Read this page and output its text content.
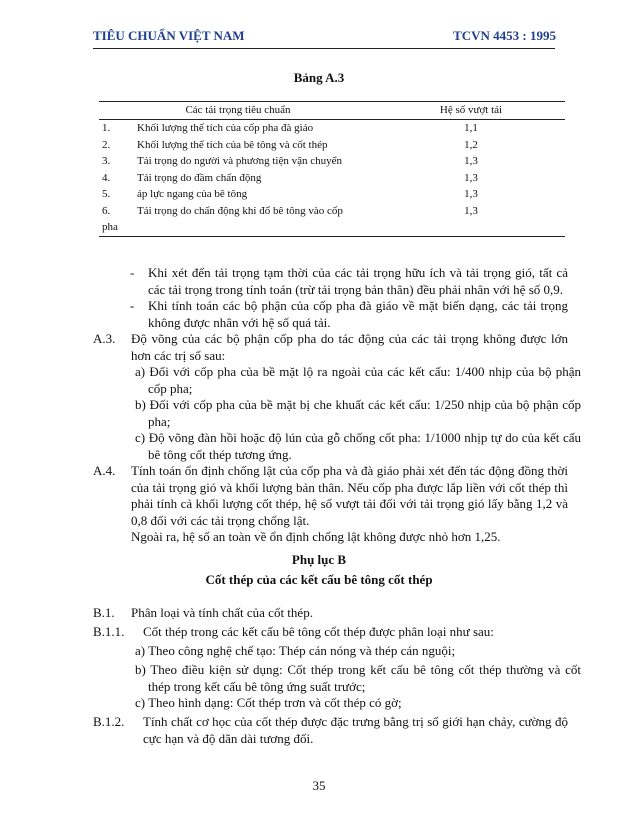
TIÊU CHUẨN VIỆT NAM	TCVN 4453 : 1995
Bảng A.3
Các tải trọng tiêu chuẩn		Hệ số vượt tải
1.	Khối lượng thể tích của cốp pha đà giáo	1,1
2.	Khối lượng thể tích của bê tông và cốt thép	1,2
3.	Tải trọng do người và phương tiện vận chuyển	1,3
4.	Tải trọng do đầm chấn động	1,3
5.	áp lực ngang của bê tông	1,3
6.	Tải trọng do chấn động khi đổ bê tông vào cốp	1,3
pha		
- Khi xét đến tải trọng tạm thời của các tải trọng hữu ích và tải trọng gió, tất cả các tải trọng trong tính toán (trừ tải trọng bản thân) đều phải nhân với hệ số 0,9.
- Khi tính toán các bộ phận của cốp pha đà giáo về mặt biến dạng, các tải trọng không được nhân với hệ số quá tải.
A.3. Độ võng của các bộ phận cốp pha do tác động của các tải trọng không được lớn hơn các trị số sau:
a) Đối với cốp pha của bề mặt lộ ra ngoài của các kết cấu: 1/400 nhịp của bộ phận cốp pha;
b) Đối với cốp pha của bề mặt bị che khuất các kết cấu: 1/250 nhịp của bộ phận cốp pha;
c) Độ võng đàn hồi hoặc độ lún của gỗ chống cốt pha: 1/1000 nhịp tự do của kết cấu bê tông cốt thép tương ứng.
A.4. Tính toán ổn định chống lật của cốp pha và đà giáo phải xét đến tác động đồng thời của tải trọng gió và khối lượng bản thân. Nếu cốp pha được lắp liền với cốt thép thì phải tính cả khối lượng cốt thép, hệ số vượt tải đối với tải trọng gió lấy bằng 1,2 và 0,8 đối với các tải trọng chống lật.
Ngoài ra, hệ số an toàn về ổn định chống lật không được nhỏ hơn 1,25.
Phụ lục B
Cốt thép của các kết cấu bê tông cốt thép
B.1. Phân loại và tính chất của cốt thép.
B.1.1. Cốt thép trong các kết cấu bê tông cốt thép được phân loại như sau:
a) Theo công nghệ chế tạo: Thép cán nóng và thép cán nguội;
b) Theo điều kiện sử dụng: Cốt thép trong kết cấu bê tông cốt thép thường và cốt thép trong kết cấu bê tông ứng suất trước;
c) Theo hình dạng: Cốt thép trơn và cốt thép có gờ;
B.1.2. Tính chất cơ học của cốt thép được đặc trưng bằng trị số giới hạn chảy, cường độ cực hạn và độ dãn dài tương đối.
35
